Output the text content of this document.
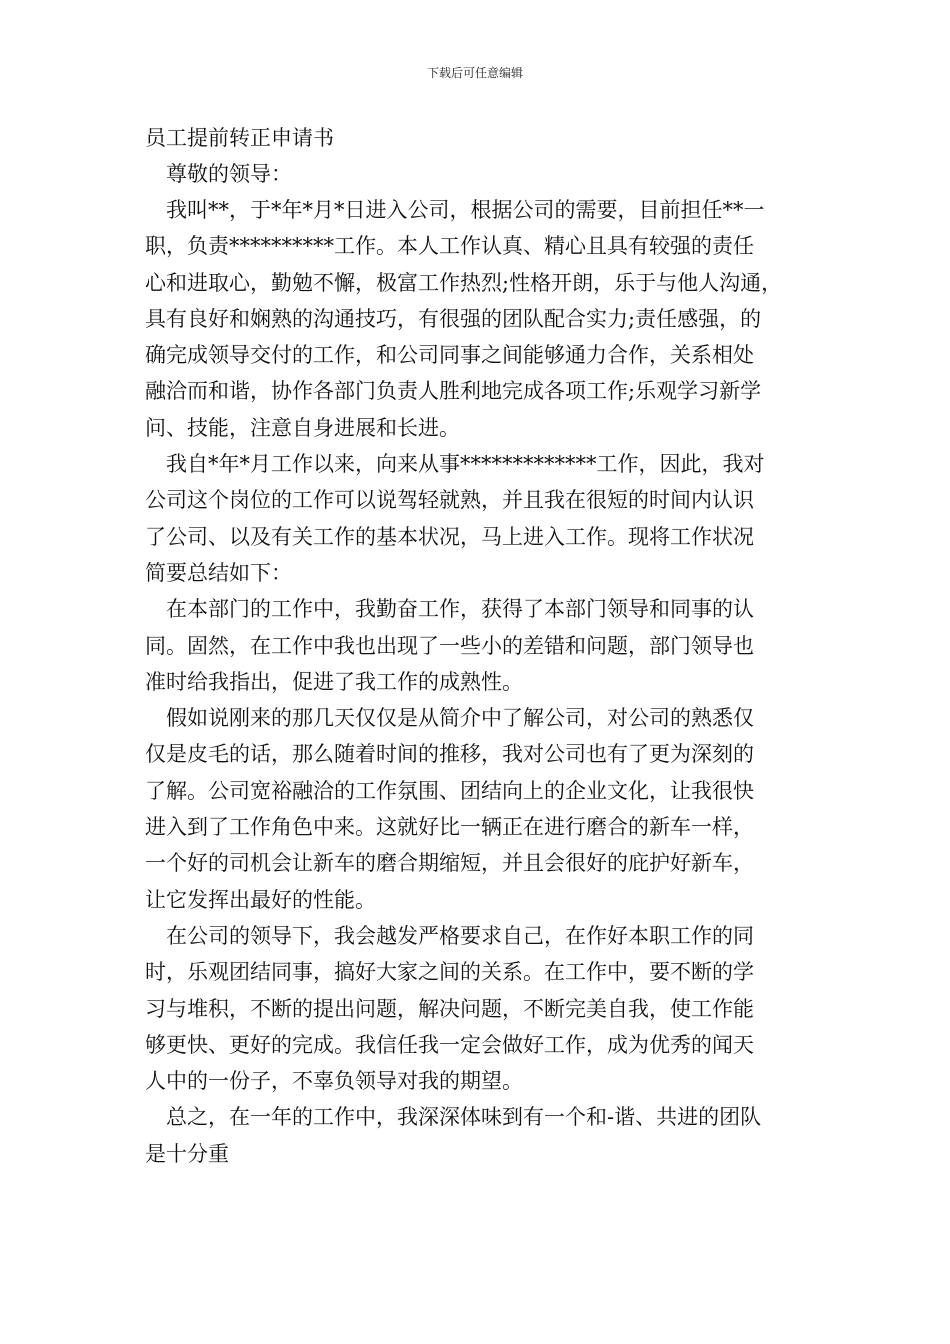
下载后可任意编辑
员工提前转正申请书

尊敬的领导：

我叫**，于*年*月*日进入公司，根据公司的需要，目前担任**一
职，负责**********工作。本人工作认真、精心且具有较强的责任
心和进取心，勤勉不懈，极富工作热烈;性格开朗，乐于与他人沟通，
具有良好和娴熟的沟通技巧，有很强的团队配合实力;责任感强，的
确完成领导交付的工作，和公司同事之间能够通力合作，关系相处
融洽而和谐，协作各部门负责人胜利地完成各项工作;乐观学习新学
问、技能，注意自身进展和长进。

我自*年*月工作以来，向来从事*************工作，因此，我对
公司这个岗位的工作可以说驾轻就熟，并且我在很短的时间内认识
了公司、以及有关工作的基本状况，马上进入工作。现将工作状况
简要总结如下：

在本部门的工作中，我勤奋工作，获得了本部门领导和同事的认
同。固然，在工作中我也出现了一些小的差错和问题，部门领导也
准时给我指出，促进了我工作的成熟性。

假如说刚来的那几天仅仅是从简介中了解公司，对公司的熟悉仅
仅是皮毛的话，那么随着时间的推移，我对公司也有了更为深刻的
了解。公司宽裕融洽的工作氛围、团结向上的企业文化，让我很快
进入到了工作角色中来。这就好比一辆正在进行磨合的新车一样，
一个好的司机会让新车的磨合期缩短，并且会很好的庇护好新车，
让它发挥出最好的性能。

在公司的领导下，我会越发严格要求自己，在作好本职工作的同
时，乐观团结同事，搞好大家之间的关系。在工作中，要不断的学
习与堆积，不断的提出问题，解决问题，不断完美自我，使工作能
够更快、更好的完成。我信任我一定会做好工作，成为优秀的闻天
人中的一份子，不辜负领导对我的期望。

总之，在一年的工作中，我深深体味到有一个和-谐、共进的团队
是十分重
